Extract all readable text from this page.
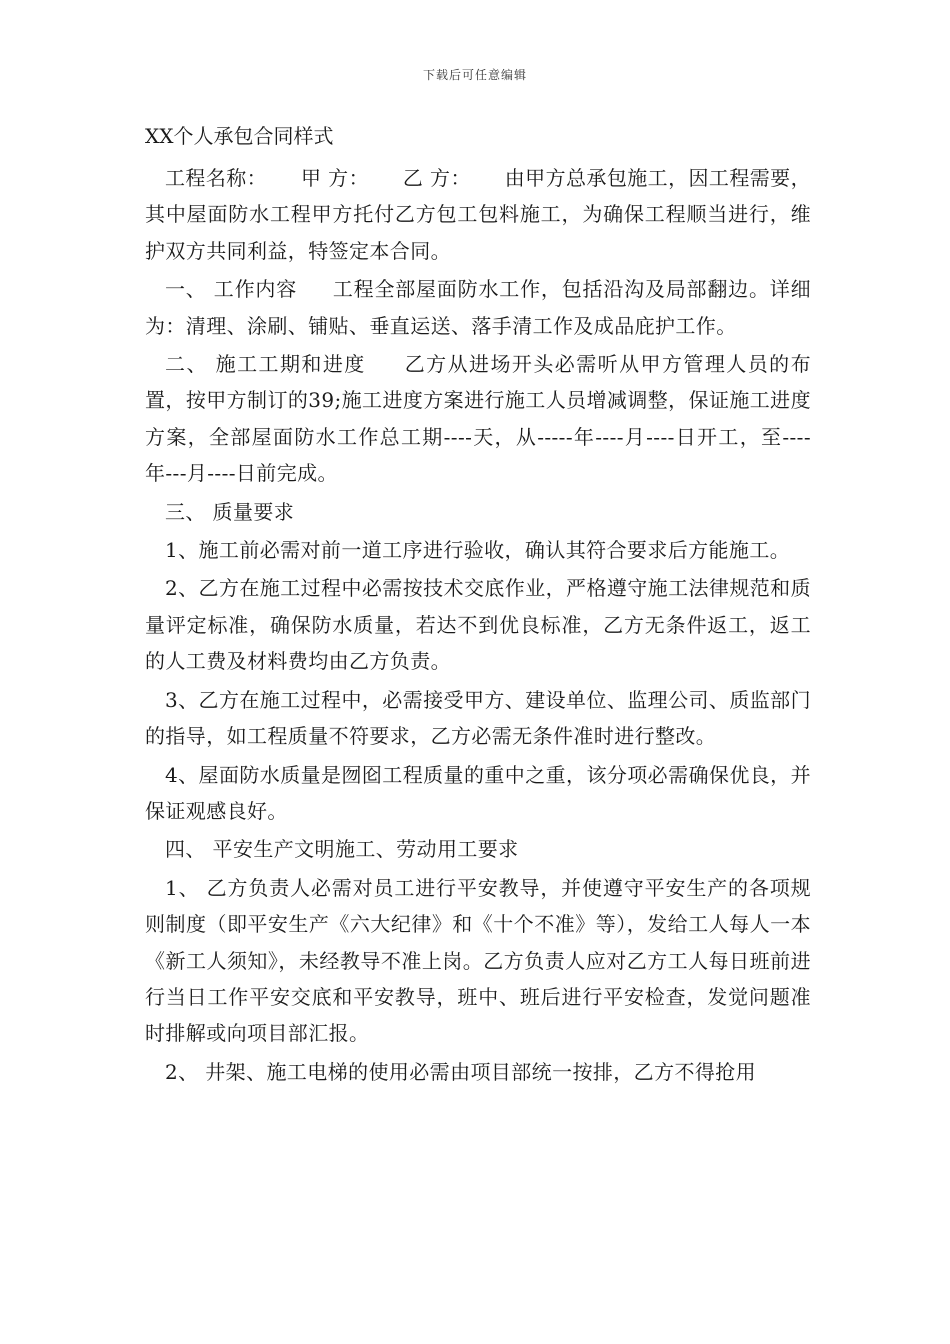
下载后可任意编辑
XX个人承包合同样式

工程名称：     甲 方：     乙 方：     由甲方总承包施工，因工程需要，其中屋面防水工程甲方托付乙方包工包料施工，为确保工程顺当进行，维护双方共同利益，特签定本合同。

一、 工作内容     工程全部屋面防水工作，包括沿沟及局部翻边。详细为：清理、涂刷、铺贴、垂直运送、落手清工作及成品庇护工作。

二、 施工工期和进度     乙方从进场开头必需听从甲方管理人员的布置，按甲方制订的39;施工进度方案进行施工人员增减调整，保证施工进度方案，全部屋面防水工作总工期----天，从-----年----月----日开工，至----年---月----日前完成。

三、 质量要求

1、施工前必需对前一道工序进行验收，确认其符合要求后方能施工。

2、乙方在施工过程中必需按技术交底作业，严格遵守施工法律规范和质量评定标准，确保防水质量，若达不到优良标准，乙方无条件返工，返工的人工费及材料费均由乙方负责。

3、乙方在施工过程中，必需接受甲方、建设单位、监理公司、质监部门的指导，如工程质量不符要求，乙方必需无条件准时进行整改。

4、屋面防水质量是囫囵工程质量的重中之重，该分项必需确保优良，并保证观感良好。

四、 平安生产文明施工、劳动用工要求

1、 乙方负责人必需对员工进行平安教导，并使遵守平安生产的各项规则制度（即平安生产《六大纪律》和《十个不准》等），发给工人每人一本《新工人须知》，未经教导不准上岗。乙方负责人应对乙方工人每日班前进行当日工作平安交底和平安教导，班中、班后进行平安检查，发觉问题准时排解或向项目部汇报。

2、 井架、施工电梯的使用必需由项目部统一按排，乙方不得抢用
